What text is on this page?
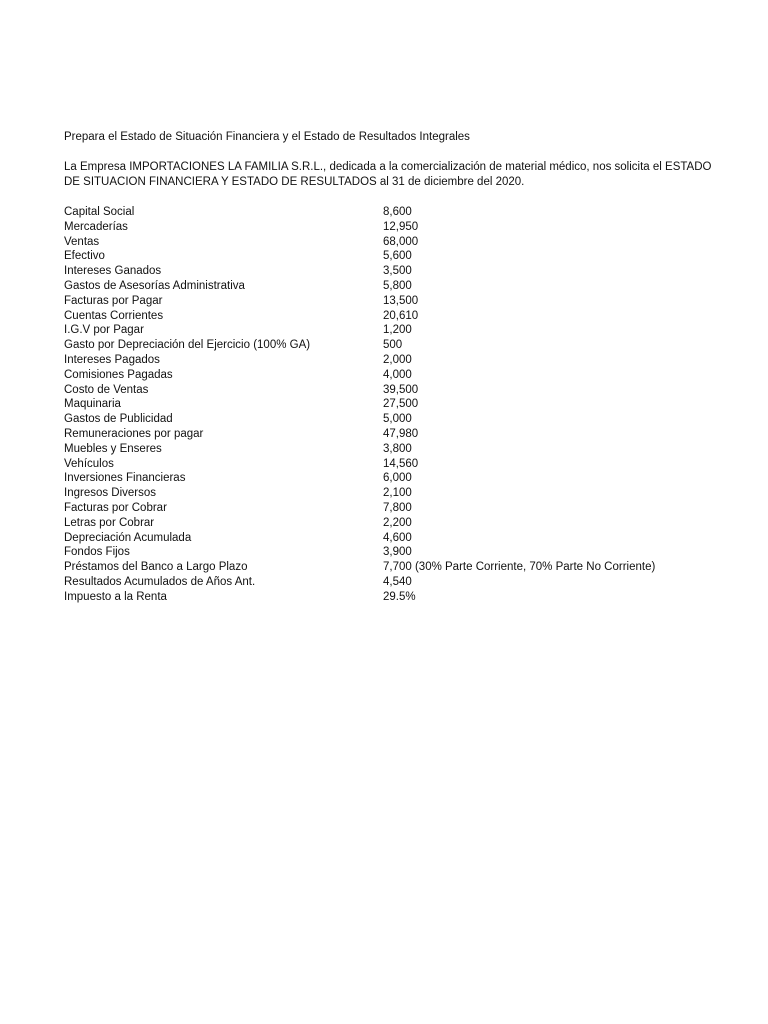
Prepara el Estado de Situación Financiera y el Estado de Resultados Integrales

La Empresa IMPORTACIONES LA FAMILIA S.R.L., dedicada a la comercialización de material médico, nos solicita el ESTADO

DE SITUACION FINANCIERA Y ESTADO DE RESULTADOS al 31 de diciembre del 2020.

Capital Social	8,600
Mercaderías	12,950
Ventas	68,000
Efectivo	5,600
Intereses Ganados	3,500
Gastos de Asesorías Administrativa	5,800
Facturas por Pagar	13,500
Cuentas Corrientes	20,610
I.G.V por Pagar	1,200
Gasto por Depreciación del Ejercicio (100% GA)	500
Intereses Pagados	2,000
Comisiones Pagadas	4,000
Costo de Ventas	39,500
Maquinaria	27,500
Gastos de Publicidad	5,000
Remuneraciones por pagar	47,980
Muebles y Enseres	3,800
Vehículos	14,560
Inversiones Financieras	6,000
Ingresos Diversos	2,100
Facturas por Cobrar	7,800
Letras por Cobrar	2,200
Depreciación Acumulada	4,600
Fondos Fijos	3,900
Préstamos del Banco a Largo Plazo	7,700 (30% Parte Corriente, 70% Parte No Corriente)
Resultados Acumulados de Años Ant.	4,540
Impuesto a la Renta	29.5%
